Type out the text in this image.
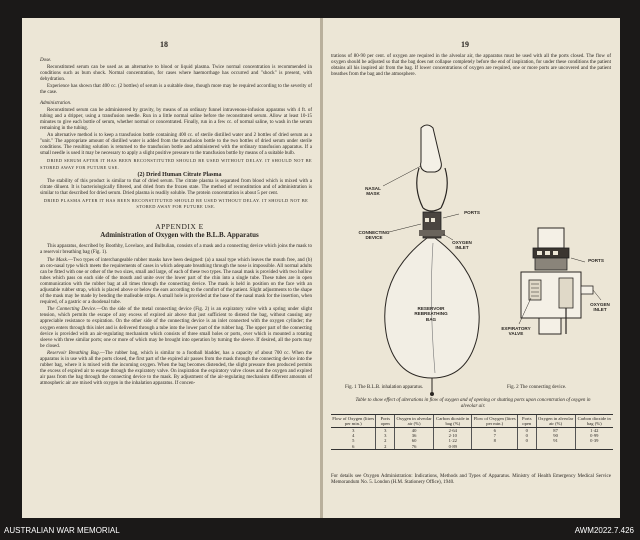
18

Dose.

Reconstituted serum can be used as an alternative to blood or liquid plasma. Twice normal concentration is recommended in conditions such as burn shock. Normal concentration, for cases where haemorrhage has occurred and "shock" is present, with dehydration.

Experience has shown that 400 cc. (2 bottles) of serum is a suitable dose, though more may be required according to the severity of the case.

Administration.

Reconstituted serum can be administered by gravity, by means of an ordinary funnel intravenous-infusion apparatus with 4 ft. of tubing and a dripper, using a transfusion needle. Run in a little normal saline before the reconstituted serum. Allow at least 10-15 minutes to give each bottle of serum, whether normal or concentrated. Finally, run in a few cc. of normal saline, to wash in the serum remaining in the tubing.

An alternative method is to keep a transfusion bottle containing 400 cc. of sterile distilled water and 2 bottles of dried serum as a "unit." The appropriate amount of distilled water is added from the transfusion bottle to the two bottles of dried serum under sterile conditions. The resulting solution is returned to the transfusion bottle and administered with the ordinary transfusion apparatus. If a small needle is used it may be necessary to apply a slight positive pressure to the transfusion bottle by means of a suitable bulb.

DRIED SERUM AFTER IT HAS BEEN RECONSTITUTED SHOULD BE USED WITHOUT DELAY. IT SHOULD NOT BE STORED AWAY FOR FUTURE USE.

(2) Dried Human Citrate Plasma

The stability of this product is similar to that of dried serum. The citrate plasma is separated from blood which is mixed with a citrate diluent. It is bacteriologically filtered, and dried from the frozen state. The method of reconstitution and of administration is similar to that described for dried serum. Dried plasma is readily soluble. The protein concentration is about 5 per cent.

DRIED PLASMA AFTER IT HAS BEEN RECONSTITUTED SHOULD BE USED WITHOUT DELAY. IT SHOULD NOT BE STORED AWAY FOR FUTURE USE.

APPENDIX E

Administration of Oxygen with the B.L.B. Apparatus

This apparatus, described by Boothby, Lovelace, and Bulbulian, consists of a mask and a connecting device which joins the mask to a reservoir breathing bag (Fig. 1).

The Mask.—Two types of interchangeable rubber masks have been designed: (a) a nasal type which leaves the mouth free, and (b) an oro-nasal type which meets the requirements of cases in which adequate breathing through the nose is impossible. All normal adults can be fitted with one or other of the two sizes, small and large, of each of these two types. The nasal mask is provided with two hollow tubes which pass on each side of the mouth and unite over the lower part of the chin into a single tube. These tubes are in open communication with the rubber bag at all times through the connecting device. The mask is held in position on the face with an adjustable rubber strap, which is placed above or below the ears according to the comfort of the patient. Slight adjustments to the shape of the mask may be made by bending the malleable strips. A small hole is provided at the base of the nasal mask for the insertion, when required, of a gastric or a duodenal tube.

The Connecting Device.—On the side of the metal connecting device (Fig. 2) is an expiratory valve with a spring under slight tension, which permits the escape of any excess of expired air above that just sufficient to distend the bag, without causing any appreciable resistance to expiration. On the other side of the connecting device is an inlet connected with the oxygen cylinder; the oxygen enters through this inlet and is delivered through a tube into the lower part of the rubber bag. The upper part of the connecting device is provided with an air-regulating mechanism which consists of three small holes or ports, over which is mounted a rotating sleeve with three similar ports; one or more of which may be brought into operation by turning the sleeve. If desired, all the ports may be closed.

Reservoir Breathing Bag.—The rubber bag, which is similar to a football bladder, has a capacity of about 700 cc. When the apparatus is in use with all the ports closed, the first part of the expired air passes from the mask through the connecting device into the rubber bag, where it is mixed with the incoming oxygen. When the bag becomes distended, the slight pressure then produced permits the excess of expired air to escape through the expiratory valve. On inspiration the expiratory valve closes and the oxygen and expired air pass from the bag through the connecting device to the mask. By adjustment of the air-regulating mechanism different amounts of atmospheric air are mixed with oxygen in the inhalation apparatus. If concen-

19
trations of 80-90 per cent. of oxygen are required in the alveolar air, the apparatus must be used with all the ports closed. The flow of oxygen should be adjusted so that the bag does not collapse completely before the end of inspiration, for under these conditions the patient obtains all his inspired air from the bag. If lower concentrations of oxygen are required, one or more ports are uncovered and the patient breathes from the bag and the atmosphere.
NASAL
MASK
PORTS
CONNECTING
DEVICE
OXYGEN
INLET
RESERVOIR
REBREATHING
BAG
PORTS
OXYGEN
INLET
EXPIRATORY
VALVE
Fig. 1 The B.L.B. inhalation apparatus.	Fig. 2 The connecting device.
Table to show effect of alterations in flow of oxygen and of opening or shutting ports upon concentration of oxygen in alveolar air.
Flow of Oxygen (litres per min.)	Ports open	Oxygen in alveolar air (%)	Carbon dioxide in bag (%)	Flow of Oxygen (litres per min.)	Ports open	Oxygen in alveolar air (%)	Carbon dioxide in bag (%)
3	3	40	2·64	6	0	87	1·42
4	3	36	2·10	7	0	90	0·99
5	2	60	1·22	8	0	91	0·39
6	2	76	0·89				
For details see Oxygen Administration: Indications, Methods and Types of Apparatus. Ministry of Health Emergency Medical Service Memorandum No. 5. London (H.M. Stationery Office), 1940.
AUSTRALIAN WAR MEMORIAL	AWM2022.7.426
